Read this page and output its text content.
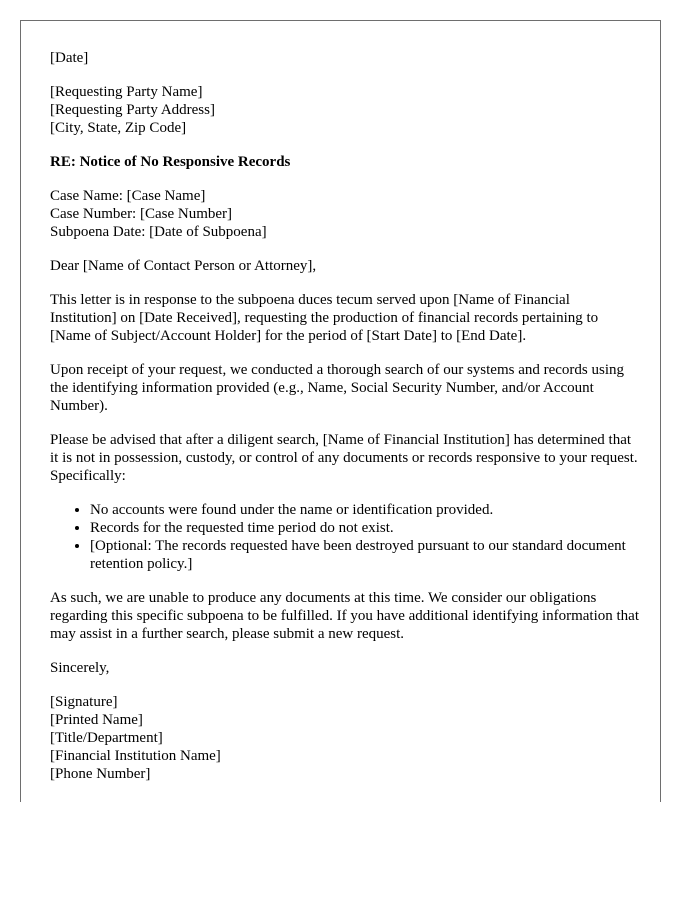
[Date]

[Requesting Party Name]
[Requesting Party Address]
[City, State, Zip Code]

RE: Notice of No Responsive Records

Case Name: [Case Name]
Case Number: [Case Number]
Subpoena Date: [Date of Subpoena]

Dear [Name of Contact Person or Attorney],

This letter is in response to the subpoena duces tecum served upon [Name of Financial Institution] on [Date Received], requesting the production of financial records pertaining to [Name of Subject/Account Holder] for the period of [Start Date] to [End Date].

Upon receipt of your request, we conducted a thorough search of our systems and records using the identifying information provided (e.g., Name, Social Security Number, and/or Account Number).

Please be advised that after a diligent search, [Name of Financial Institution] has determined that it is not in possession, custody, or control of any documents or records responsive to your request. Specifically:

• No accounts were found under the name or identification provided.
• Records for the requested time period do not exist.
• [Optional: The records requested have been destroyed pursuant to our standard document retention policy.]

As such, we are unable to produce any documents at this time. We consider our obligations regarding this specific subpoena to be fulfilled. If you have additional identifying information that may assist in a further search, please submit a new request.

Sincerely,

[Signature]
[Printed Name]
[Title/Department]
[Financial Institution Name]
[Phone Number]
